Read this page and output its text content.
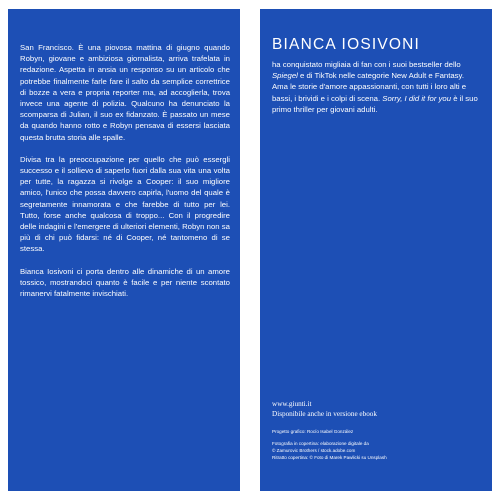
San Francisco. È una piovosa mattina di giugno quando Robyn, giovane e ambiziosa giornalista, arriva trafelata in redazione. Aspetta in ansia un responso su un articolo che potrebbe finalmente farle fare il salto da semplice correttrice di bozze a vera e propria reporter ma, ad accoglierla, trova invece una agente di polizia. Qualcuno ha denunciato la scomparsa di Julian, il suo ex fidanzato. È passato un mese da quando hanno rotto e Robyn pensava di essersi lasciata questa brutta storia alle spalle.

Divisa tra la preoccupazione per quello che può essergli successo e il sollievo di saperlo fuori dalla sua vita una volta per tutte, la ragazza si rivolge a Cooper: il suo migliore amico, l'unico che possa davvero capirla, l'uomo del quale è segretamente innamorata e che farebbe di tutto per lei. Tutto, forse anche qualcosa di troppo... Con il progredire delle indagini e l'emergere di ulteriori elementi, Robyn non sa più di chi può fidarsi: né di Cooper, né tantomeno di se stessa.

Bianca Iosivoni ci porta dentro alle dinamiche di un amore tossico, mostrandoci quanto è facile e per niente scontato rimanervi fatalmente invischiati.

BIANCA IOSIVONI

ha conquistato migliaia di fan con i suoi bestseller dello Spiegel e di TikTok nelle categorie New Adult e Fantasy. Ama le storie d'amore appassionanti, con tutti i loro alti e bassi, i brividi e i colpi di scena. Sorry, I did it for you è il suo primo thriller per giovani adulti.

www.giunti.it
Disponibile anche in versione ebook
Progetto grafico: Rocío Isabel González
Fotografia in copertina: elaborazione digitale da
© Zamurovic Brothers / stock.adobe.com
Ritratto copertina: © Foto di Marek Pawlicki su Unsplash
